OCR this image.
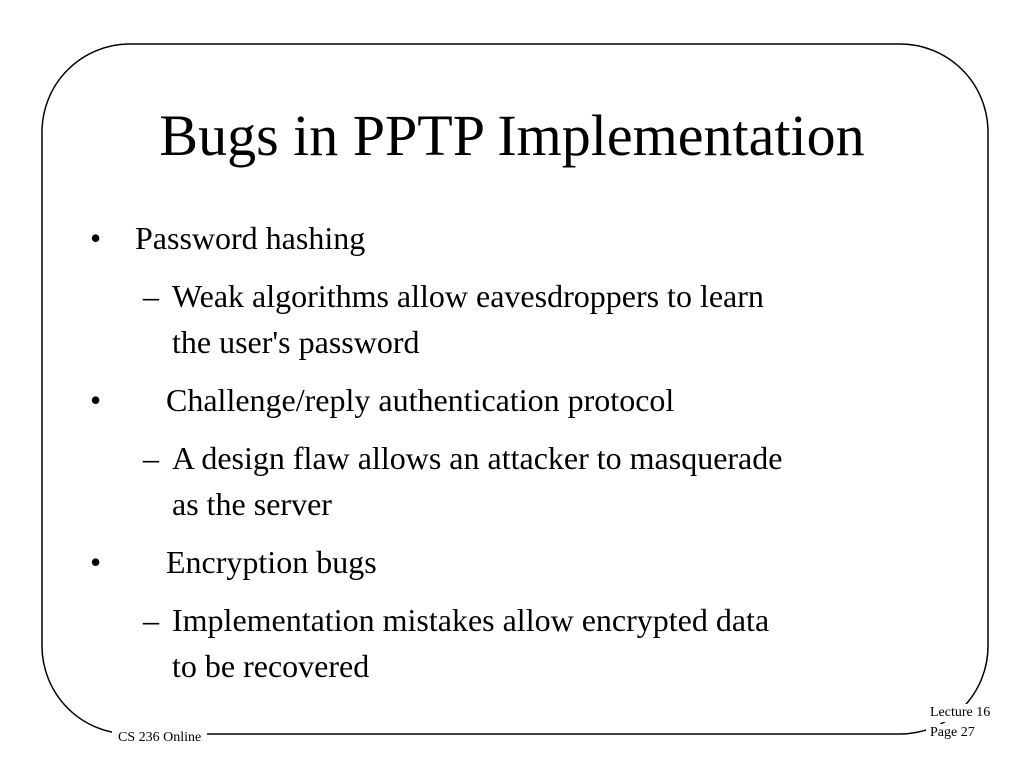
Bugs in PPTP Implementation
• Password hashing
– Weak algorithms allow eavesdroppers to learn
the user's password
• Challenge/reply authentication protocol
– A design flaw allows an attacker to masquerade
as the server
• Encryption bugs
– Implementation mistakes allow encrypted data
to be recovered
CS 236 Online
Lecture 16
Page 27
